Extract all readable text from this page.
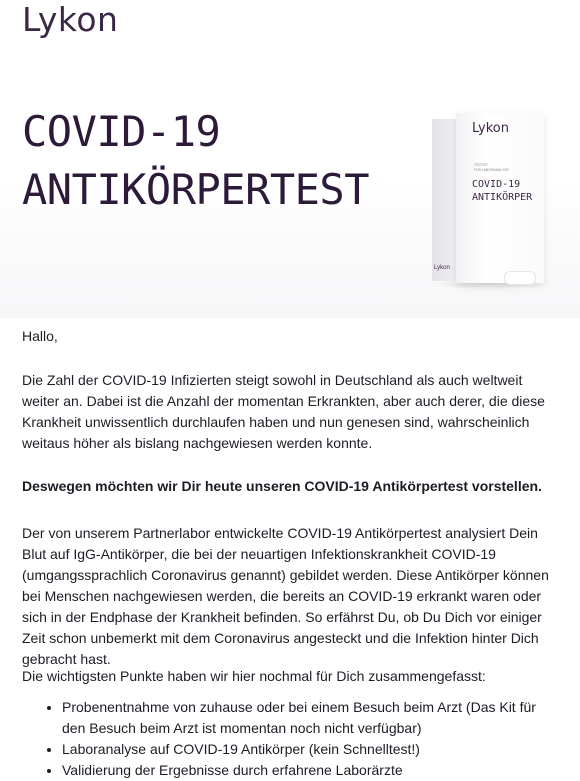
Lykon
COVID-19
ANTIKÖRPERTEST
Lykon
Lykon
TESTKIT
FÜR LABORANALYSE
COVID-19
ANTIKÖRPER

Hallo,

Die Zahl der COVID-19 Infizierten steigt sowohl in Deutschland als auch weltweit weiter an. Dabei ist die Anzahl der momentan Erkrankten, aber auch derer, die diese Krankheit unwissentlich durchlaufen haben und nun genesen sind, wahrscheinlich weitaus höher als bislang nachgewiesen werden konnte.

Deswegen möchten wir Dir heute unseren COVID-19 Antikörpertest vorstellen.

Der von unserem Partnerlabor entwickelte COVID-19 Antikörpertest analysiert Dein Blut auf IgG-Antikörper, die bei der neuartigen Infektionskrankheit COVID-19 (umgangssprachlich Coronavirus genannt) gebildet werden. Diese Antikörper können bei Menschen nachgewiesen werden, die bereits an COVID-19 erkrankt waren oder sich in der Endphase der Krankheit befinden. So erfährst Du, ob Du Dich vor einiger Zeit schon unbemerkt mit dem Coronavirus angesteckt und die Infektion hinter Dich gebracht hast.

Die wichtigsten Punkte haben wir hier nochmal für Dich zusammengefasst:

• Probenentnahme von zuhause oder bei einem Besuch beim Arzt (Das Kit für den Besuch beim Arzt ist momentan noch nicht verfügbar)
• Laboranalyse auf COVID-19 Antikörper (kein Schnelltest!)
• Validierung der Ergebnisse durch erfahrene Laborärzte
